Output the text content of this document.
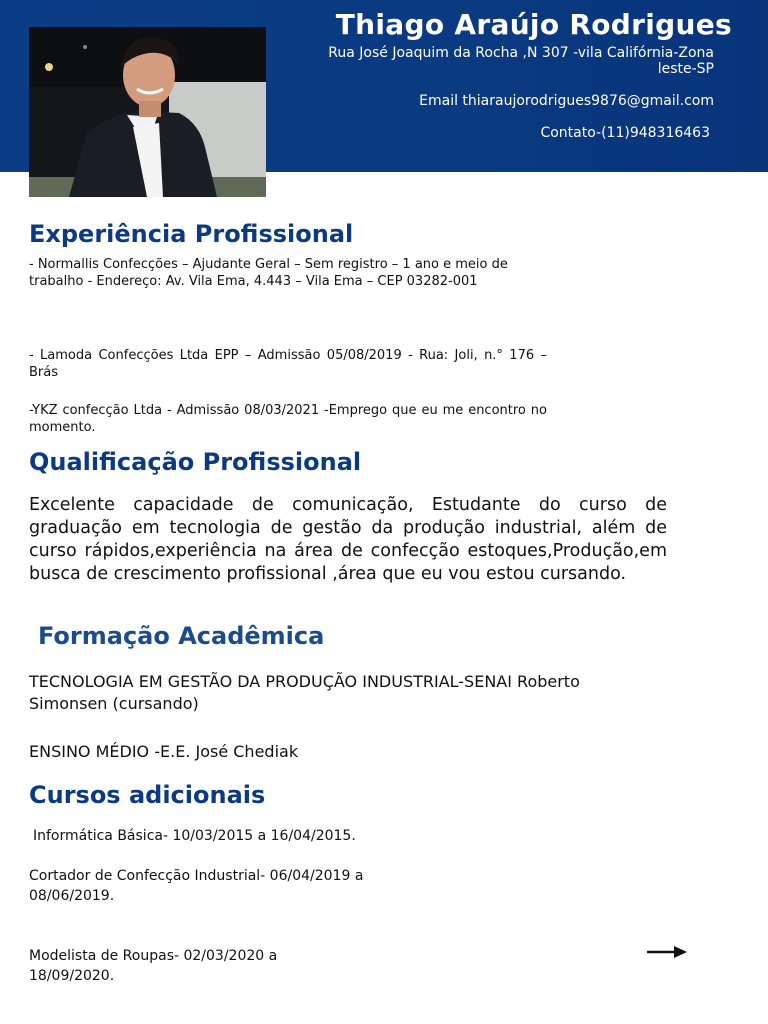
Thiago Araújo Rodrigues

Rua José Joaquim da Rocha ,N 307 -vila Califórnia-Zona leste-SP

Email thiaraujorodrigues9876@gmail.com

Contato-(11)948316463

Experiência Profissional

- Normallis Confecções – Ajudante Geral – Sem registro – 1 ano e meio de trabalho - Endereço: Av. Vila Ema, 4.443 – Vila Ema – CEP 03282-001

- Lamoda Confecções Ltda EPP – Admissão 05/08/2019 - Rua: Joli, n.° 176 – Brás

-YKZ confecção Ltda - Admissão 08/03/2021 -Emprego que eu me encontro no momento.

Qualificação Profissional

Excelente capacidade de comunicação, Estudante do curso de graduação em tecnologia de gestão da produção industrial, além de curso rápidos,experiência na área de confecção estoques,Produção,em busca de crescimento profissional ,área que eu vou estou cursando.

Formação Acadêmica

TECNOLOGIA EM GESTÃO DA PRODUÇÃO INDUSTRIAL-SENAI Roberto Simonsen (cursando)

ENSINO MÉDIO -E.E. José Chediak

Cursos adicionais

Informática Básica- 10/03/2015 a 16/04/2015.

Cortador de Confecção Industrial- 06/04/2019 a 08/06/2019.

Modelista de Roupas- 02/03/2020 a 18/09/2020.
